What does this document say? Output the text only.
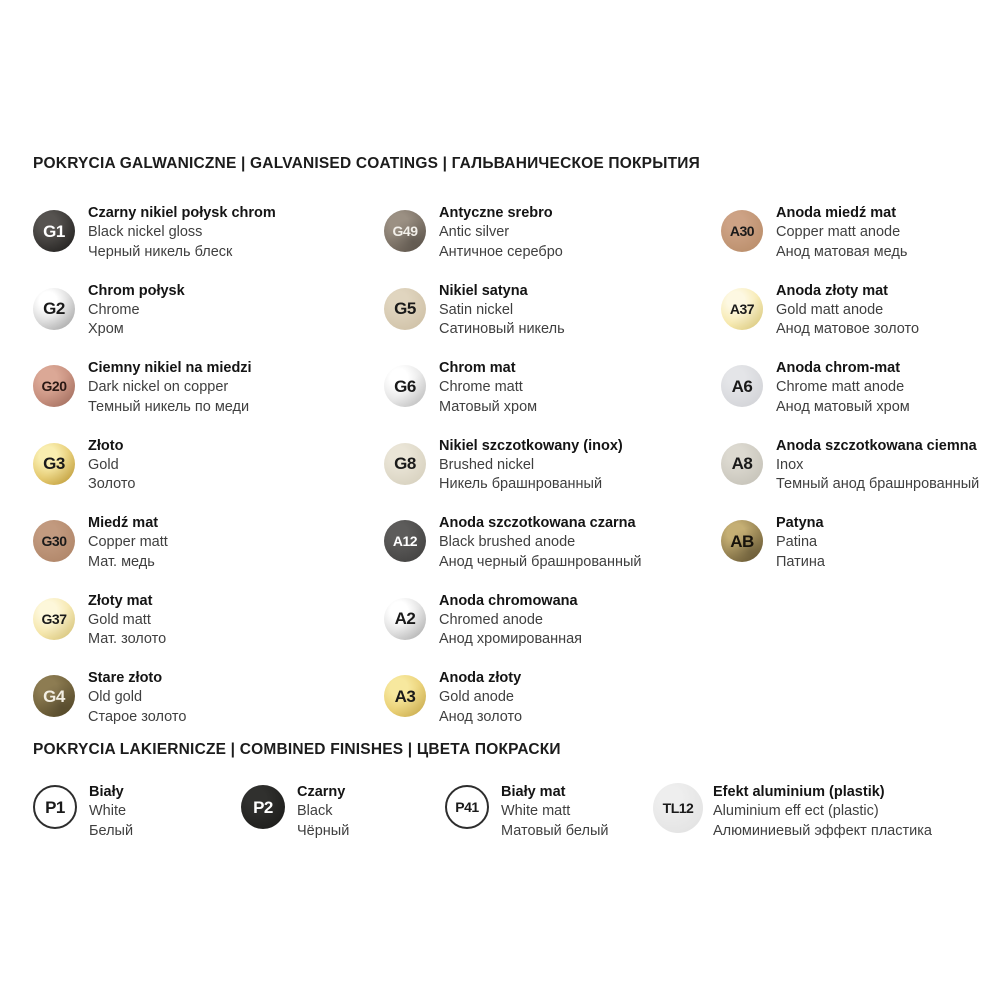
POKRYCIA GALWANICZNE | GALVANISED COATINGS | ГАЛЬВАНИЧЕСКОЕ ПОКРЫТИЯ
G1
Czarny nikiel połysk chrom
Black nickel gloss
Черный никель блеск
G2
Chrom połysk
Chrome
Хром
G20
Ciemny nikiel na miedzi
Dark nickel on copper
Темный никель по меди
G3
Złoto
Gold
Золото
G30
Miedź mat
Copper matt
Мат. медь
G37
Złoty mat
Gold matt
Мат. золото
G4
Stare złoto
Old gold
Старое золото
G49
Antyczne srebro
Antic silver
Античное серебро
G5
Nikiel satyna
Satin nickel
Сатиновый никель
G6
Chrom mat
Chrome matt
Матовый хром
G8
Nikiel szczotkowany (inox)
Brushed nickel
Никель брашнрованный
A12
Anoda szczotkowana czarna
Black brushed anode
Анод черный брашнрованный
A2
Anoda chromowana
Chromed anode
Анод хромированная
A3
Anoda złoty
Gold anode
Анод золото
A30
Anoda miedź mat
Copper matt anode
Анод матовая медь
A37
Anoda złoty mat
Gold matt anode
Анод матовое золото
A6
Anoda chrom-mat
Chrome matt anode
Анод матовый хром
A8
Anoda szczotkowana ciemna
Inox
Темный анод брашнрованный
AB
Patyna
Patina
Патина
POKRYCIA LAKIERNICZE | COMBINED FINISHES | ЦВЕТА ПОКРАСКИ
P1
Biały
White
Белый
P2
Czarny
Black
Чёрный
P41
Biały mat
White matt
Матовый белый
TL12
Efekt aluminium (plastik)
Aluminium eff ect (plastic)
Алюминиевый эффект пластика
